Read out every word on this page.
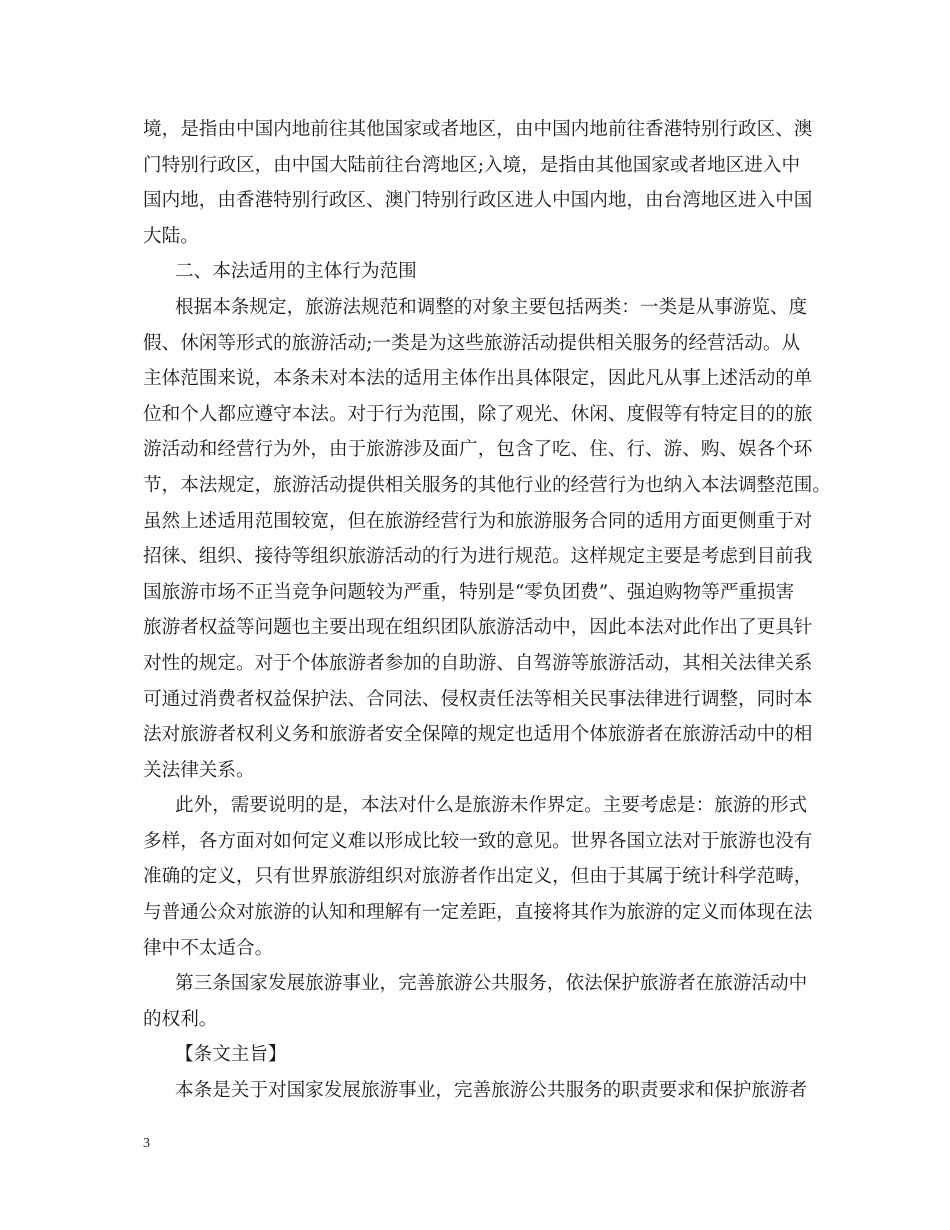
境，是指由中国内地前往其他国家或者地区，由中国内地前往香港特别行政区、澳
门特别行政区，由中国大陆前往台湾地区;入境，是指由其他国家或者地区进入中
国内地，由香港特别行政区、澳门特别行政区进人中国内地，由台湾地区进入中国
大陆。
二、本法适用的主体行为范围
根据本条规定，旅游法规范和调整的对象主要包括两类：一类是从事游览、度
假、休闲等形式的旅游活动;一类是为这些旅游活动提供相关服务的经营活动。从
主体范围来说，本条未对本法的适用主体作出具体限定，因此凡从事上述活动的单
位和个人都应遵守本法。对于行为范围，除了观光、休闲、度假等有特定目的的旅
游活动和经营行为外，由于旅游涉及面广，包含了吃、住、行、游、购、娱各个环
节，本法规定，旅游活动提供相关服务的其他行业的经营行为也纳入本法调整范围。
虽然上述适用范围较宽，但在旅游经营行为和旅游服务合同的适用方面更侧重于对
招徕、组织、接待等组织旅游活动的行为进行规范。这样规定主要是考虑到目前我
国旅游市场不正当竞争问题较为严重，特别是“零负团费”、强迫购物等严重损害
旅游者权益等问题也主要出现在组织团队旅游活动中，因此本法对此作出了更具针
对性的规定。对于个体旅游者参加的自助游、自驾游等旅游活动，其相关法律关系
可通过消费者权益保护法、合同法、侵权责任法等相关民事法律进行调整，同时本
法对旅游者权利义务和旅游者安全保障的规定也适用个体旅游者在旅游活动中的相
关法律关系。
此外，需要说明的是，本法对什么是旅游未作界定。主要考虑是：旅游的形式
多样，各方面对如何定义难以形成比较一致的意见。世界各国立法对于旅游也没有
准确的定义，只有世界旅游组织对旅游者作出定义，但由于其属于统计科学范畴，
与普通公众对旅游的认知和理解有一定差距，直接将其作为旅游的定义而体现在法
律中不太适合。
第三条国家发展旅游事业，完善旅游公共服务，依法保护旅游者在旅游活动中
的权利。
【条文主旨】
本条是关于对国家发展旅游事业，完善旅游公共服务的职责要求和保护旅游者
3
